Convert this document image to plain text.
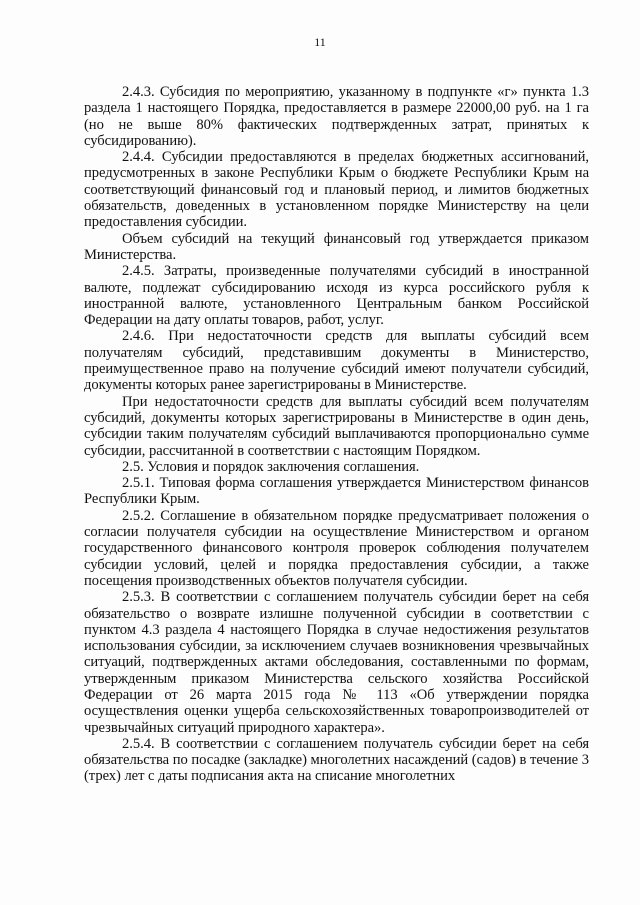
11

2.4.3. Субсидия по мероприятию, указанному в подпункте «г» пункта 1.3 раздела 1 настоящего Порядка, предоставляется в размере 22000,00 руб. на 1 га (но не выше 80% фактических подтвержденных затрат, принятых к субсидированию).

2.4.4. Субсидии предоставляются в пределах бюджетных ассигнований, предусмотренных в законе Республики Крым о бюджете Республики Крым на соответствующий финансовый год и плановый период, и лимитов бюджетных обязательств, доведенных в установленном порядке Министерству на цели предоставления субсидии.

Объем субсидий на текущий финансовый год утверждается приказом Министерства.

2.4.5. Затраты, произведенные получателями субсидий в иностранной валюте, подлежат субсидированию исходя из курса российского рубля к иностранной валюте, установленного Центральным банком Российской Федерации на дату оплаты товаров, работ, услуг.

2.4.6. При недостаточности средств для выплаты субсидий всем получателям субсидий, представившим документы в Министерство, преимущественное право на получение субсидий имеют получатели субсидий, документы которых ранее зарегистрированы в Министерстве.

При недостаточности средств для выплаты субсидий всем получателям субсидий, документы которых зарегистрированы в Министерстве в один день, субсидии таким получателям субсидий выплачиваются пропорционально сумме субсидии, рассчитанной в соответствии с настоящим Порядком.

2.5. Условия и порядок заключения соглашения.

2.5.1. Типовая форма соглашения утверждается Министерством финансов Республики Крым.

2.5.2. Соглашение в обязательном порядке предусматривает положения о согласии получателя субсидии на осуществление Министерством и органом государственного финансового контроля проверок соблюдения получателем субсидии условий, целей и порядка предоставления субсидии, а также посещения производственных объектов получателя субсидии.

2.5.3. В соответствии с соглашением получатель субсидии берет на себя обязательство о возврате излишне полученной субсидии в соответствии с пунктом 4.3 раздела 4 настоящего Порядка в случае недостижения результатов использования субсидии, за исключением случаев возникновения чрезвычайных ситуаций, подтвержденных актами обследования, составленными по формам, утвержденным приказом Министерства сельского хозяйства Российской Федерации от 26 марта 2015 года № 113 «Об утверждении порядка осуществления оценки ущерба сельскохозяйственных товаропроизводителей от чрезвычайных ситуаций природного характера».

2.5.4. В соответствии с соглашением получатель субсидии берет на себя обязательства по посадке (закладке) многолетних насаждений (садов) в течение 3 (трех) лет с даты подписания акта на списание многолетних
